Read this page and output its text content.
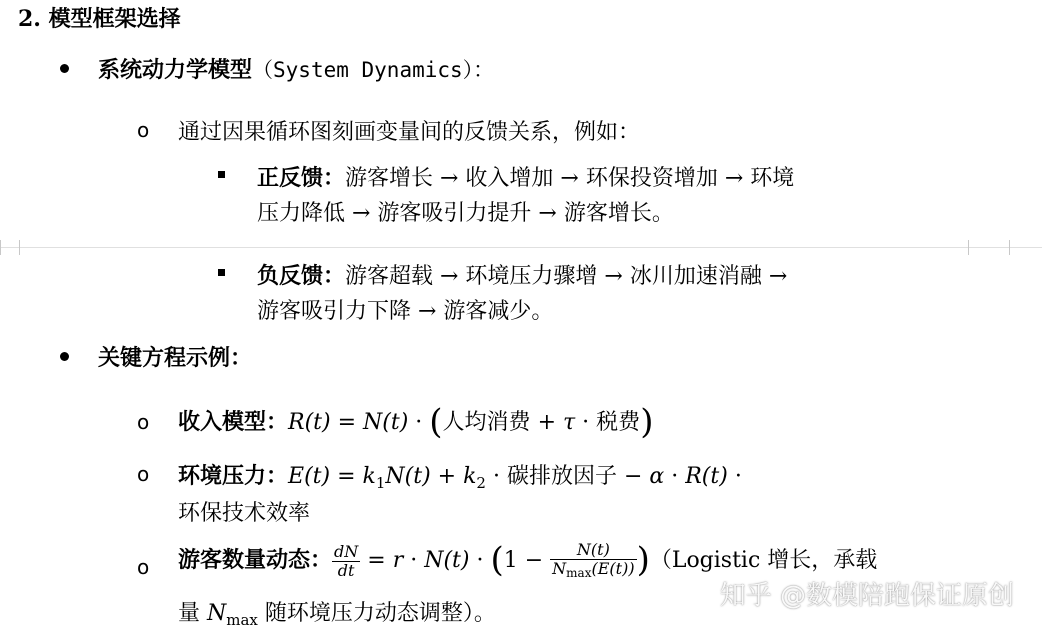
2. 模型框架选择
系统动力学模型（System Dynamics）：
o 通过因果循环图刻画变量间的反馈关系，例如：
正反馈：游客增长 → 收入增加 → 环保投资增加 → 环境
压力降低 → 游客吸引力提升 → 游客增长。
负反馈：游客超载 → 环境压力骤增 → 冰川加速消融 →
游客吸引力下降 → 游客减少。
关键方程示例：
o 收入模型：R(t) = N(t) · (人均消费 + τ · 税费)
o 环境压力：$E(t) = k_1N(t) + k_2$ · 碳排放因子 − α · R(t) ·
环保技术效率
o 游客数量动态： $\frac{dN}{dt} = r \cdot N(t) \cdot (1 - \frac{N(t)}{Nmax(E(t))}$ )（Logistic 增长，承载
量 $N_{max}$ 随环境压力动态调整）。
知乎 @数模陪跑保证原创
